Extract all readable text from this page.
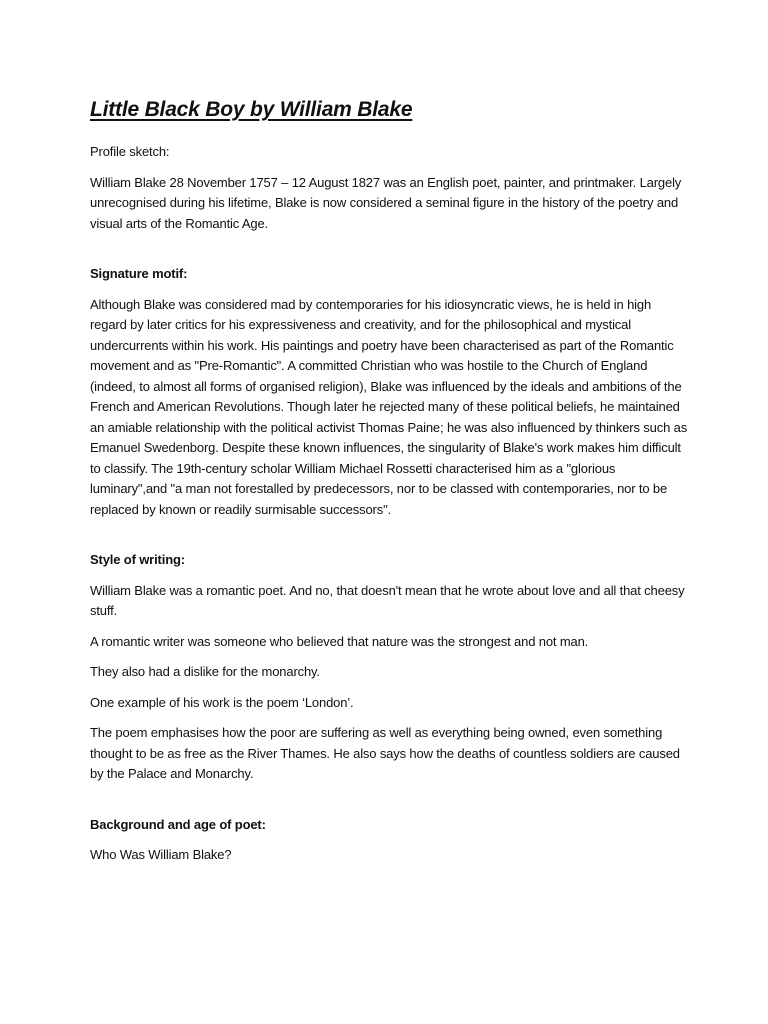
Little Black Boy by William Blake

Profile sketch:

William Blake 28 November 1757 – 12 August 1827 was an English poet, painter, and printmaker. Largely unrecognised during his lifetime, Blake is now considered a seminal figure in the history of the poetry and visual arts of the Romantic Age.

Signature motif:

Although Blake was considered mad by contemporaries for his idiosyncratic views, he is held in high regard by later critics for his expressiveness and creativity, and for the philosophical and mystical undercurrents within his work. His paintings and poetry have been characterised as part of the Romantic movement and as "Pre-Romantic". A committed Christian who was hostile to the Church of England (indeed, to almost all forms of organised religion), Blake was influenced by the ideals and ambitions of the French and American Revolutions. Though later he rejected many of these political beliefs, he maintained an amiable relationship with the political activist Thomas Paine; he was also influenced by thinkers such as Emanuel Swedenborg. Despite these known influences, the singularity of Blake's work makes him difficult to classify. The 19th-century scholar William Michael Rossetti characterised him as a "glorious luminary",and "a man not forestalled by predecessors, nor to be classed with contemporaries, nor to be replaced by known or readily surmisable successors".

Style of writing:

William Blake was a romantic poet. And no, that doesn't mean that he wrote about love and all that cheesy stuff.

A romantic writer was someone who believed that nature was the strongest and not man.

They also had a dislike for the monarchy.

One example of his work is the poem ‘London’.

The poem emphasises how the poor are suffering as well as everything being owned, even something thought to be as free as the River Thames. He also says how the deaths of countless soldiers are caused by the Palace and Monarchy.

Background and age of poet:

Who Was William Blake?
